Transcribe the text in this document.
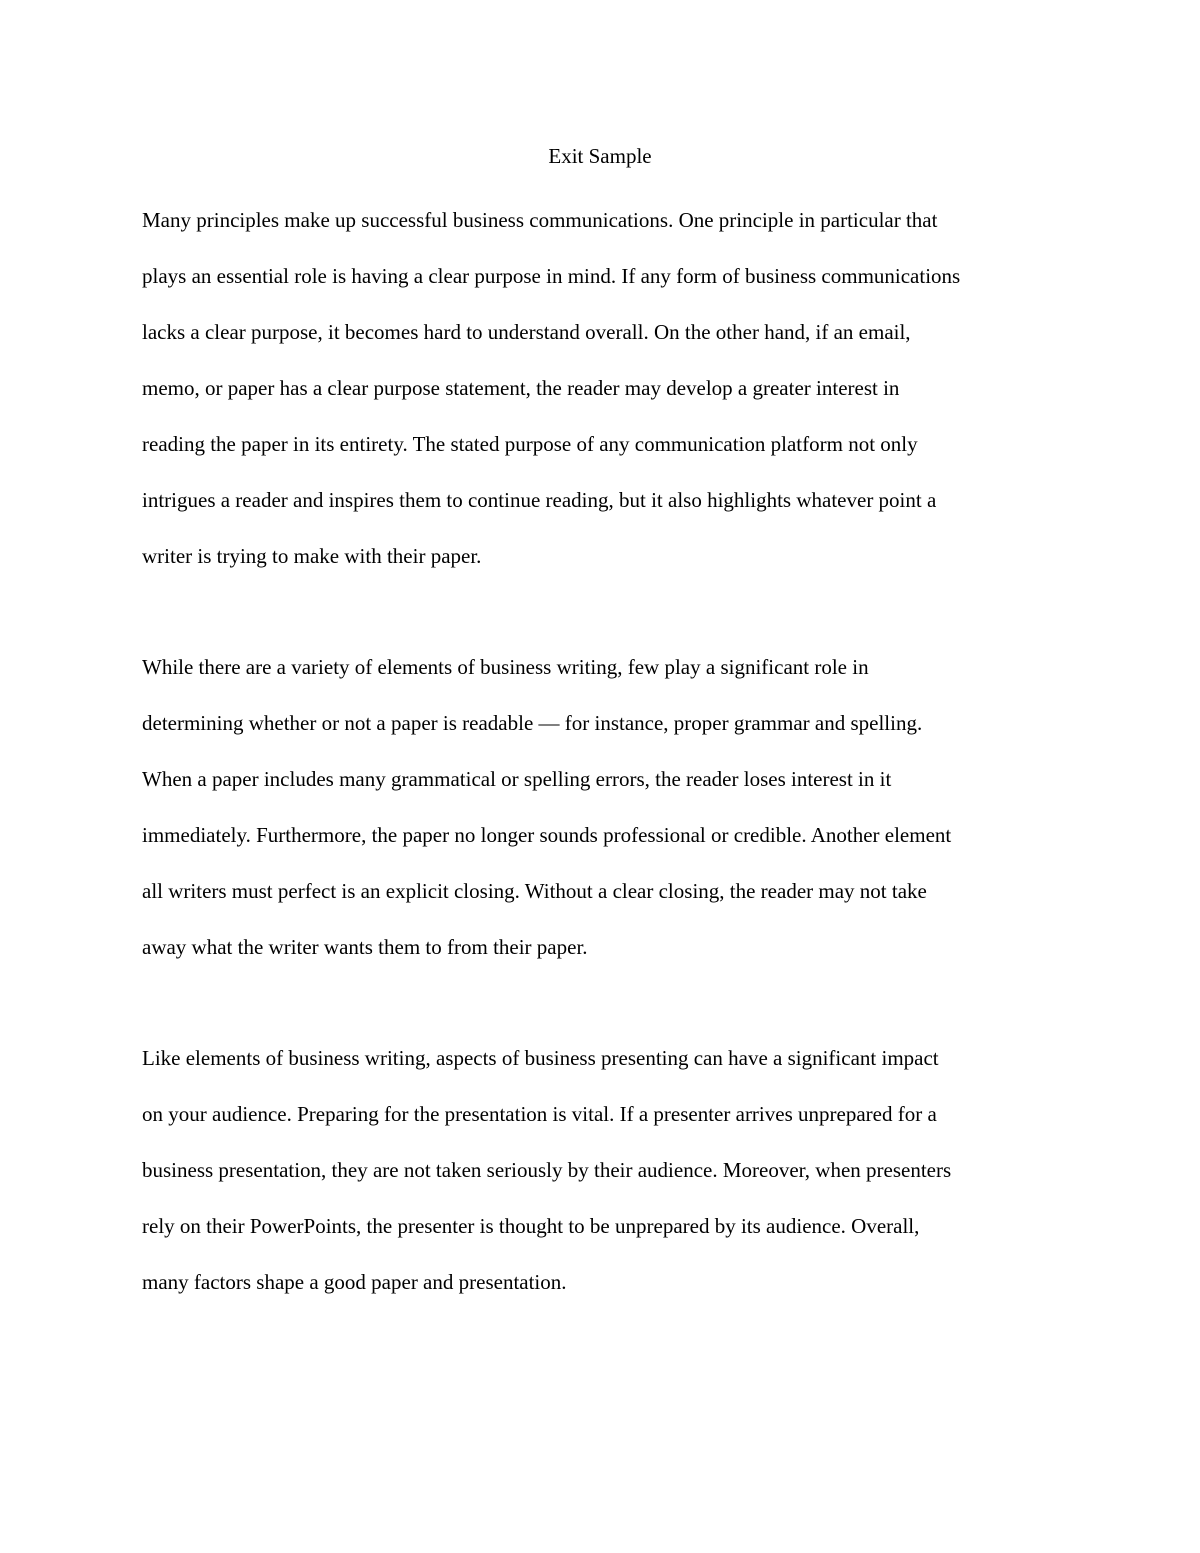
Exit Sample
Many principles make up successful business communications. One principle in particular that
plays an essential role is having a clear purpose in mind. If any form of business communications
lacks a clear purpose, it becomes hard to understand overall. On the other hand, if an email,
memo, or paper has a clear purpose statement, the reader may develop a greater interest in
reading the paper in its entirety. The stated purpose of any communication platform not only
intrigues a reader and inspires them to continue reading, but it also highlights whatever point a
writer is trying to make with their paper.
While there are a variety of elements of business writing, few play a significant role in
determining whether or not a paper is readable — for instance, proper grammar and spelling.
When a paper includes many grammatical or spelling errors, the reader loses interest in it
immediately. Furthermore, the paper no longer sounds professional or credible. Another element
all writers must perfect is an explicit closing. Without a clear closing, the reader may not take
away what the writer wants them to from their paper.
Like elements of business writing, aspects of business presenting can have a significant impact
on your audience. Preparing for the presentation is vital. If a presenter arrives unprepared for a
business presentation, they are not taken seriously by their audience. Moreover, when presenters
rely on their PowerPoints, the presenter is thought to be unprepared by its audience. Overall,
many factors shape a good paper and presentation.
